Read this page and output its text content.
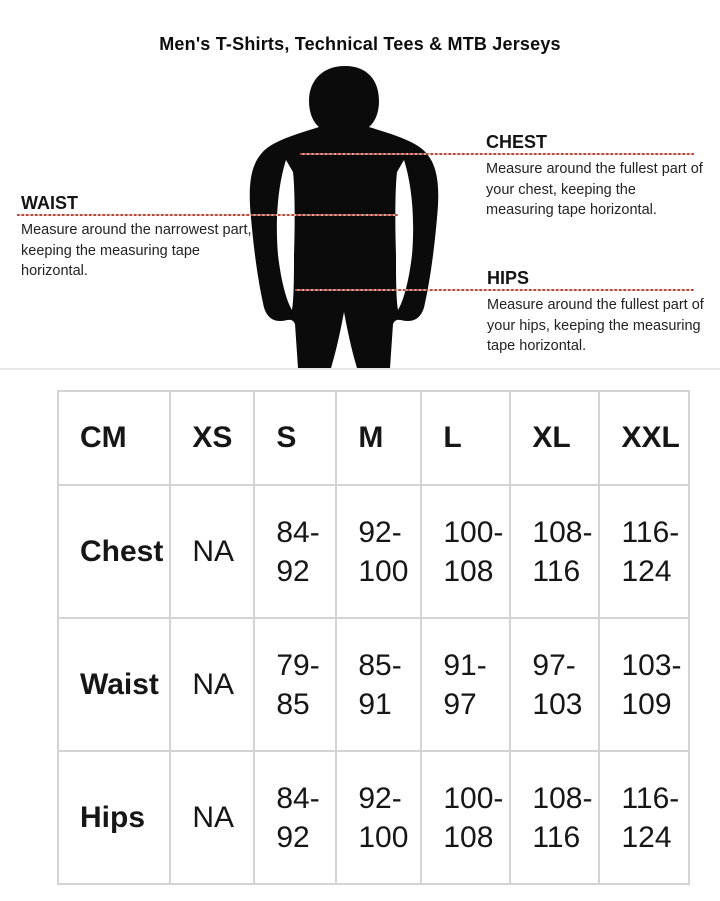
Men's T-Shirts, Technical Tees & MTB Jerseys
CHEST
Measure around the fullest part of your chest, keeping the measuring tape horizontal.
WAIST
Measure around the narrowest part, keeping the measuring tape horizontal.	HIPS
Measure around the fullest part of your hips, keeping the measuring tape horizontal.
CM	XS	S	M	L	XL	XXL
Chest	NA	84-92	92-100	100-108	108-116	116-124
Waist	NA	79-85	85-91	91-97	97-103	103-109
Hips	NA	84-92	92-100	100-108	108-116	116-124
